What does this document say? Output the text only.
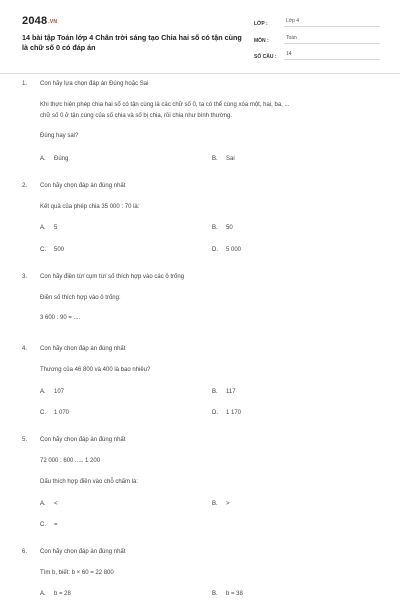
$2048^{.VN}$
14 bài tập Toán lớp 4 Chân trời sáng tạo Chia hai số có tận cùng là chữ số 0 có đáp án
LỚP :	Lớp 4
MÔN :	Toán
SỐ CÂU :	14
1.	Con hãy lựa chọn đáp án Đúng hoặc Sai
Khi thực hiện phép chia hai số có tận cùng là các chữ số 0, ta có thể cùng xóa một, hai, ba, ...
chữ số 0 ở tận cùng của số chia và số bị chia, rồi chia như bình thường.
Đúng hay sai?
A.	Đúng	B.	Sai
2.	Con hãy chọn đáp án đúng nhất
Kết quả của phép chia 35 000 : 70 là:
A.	5	B.	50
C.	500	D.	5 000
3.	Con hãy điền từ/ cụm từ/ số thích hợp vào các ô trống
Điền số thích hợp vào ô trống:
3 600 : 90 = ....
4.	Con hãy chọn đáp án đúng nhất
Thương của 46 800 và 400 là bao nhiêu?
A.	107	B.	117
C.	1 070	D.	1 170
5.	Con hãy chọn đáp án đúng nhất
72 000 : 600 ..... 1 200
Dấu thích hợp điền vào chỗ chấm là:
A.	<	B.	>
C.	=
6.	Con hãy chọn đáp án đúng nhất
Tìm b, biết: b × 60 = 22 800
A.	b = 28	B.	b = 38
